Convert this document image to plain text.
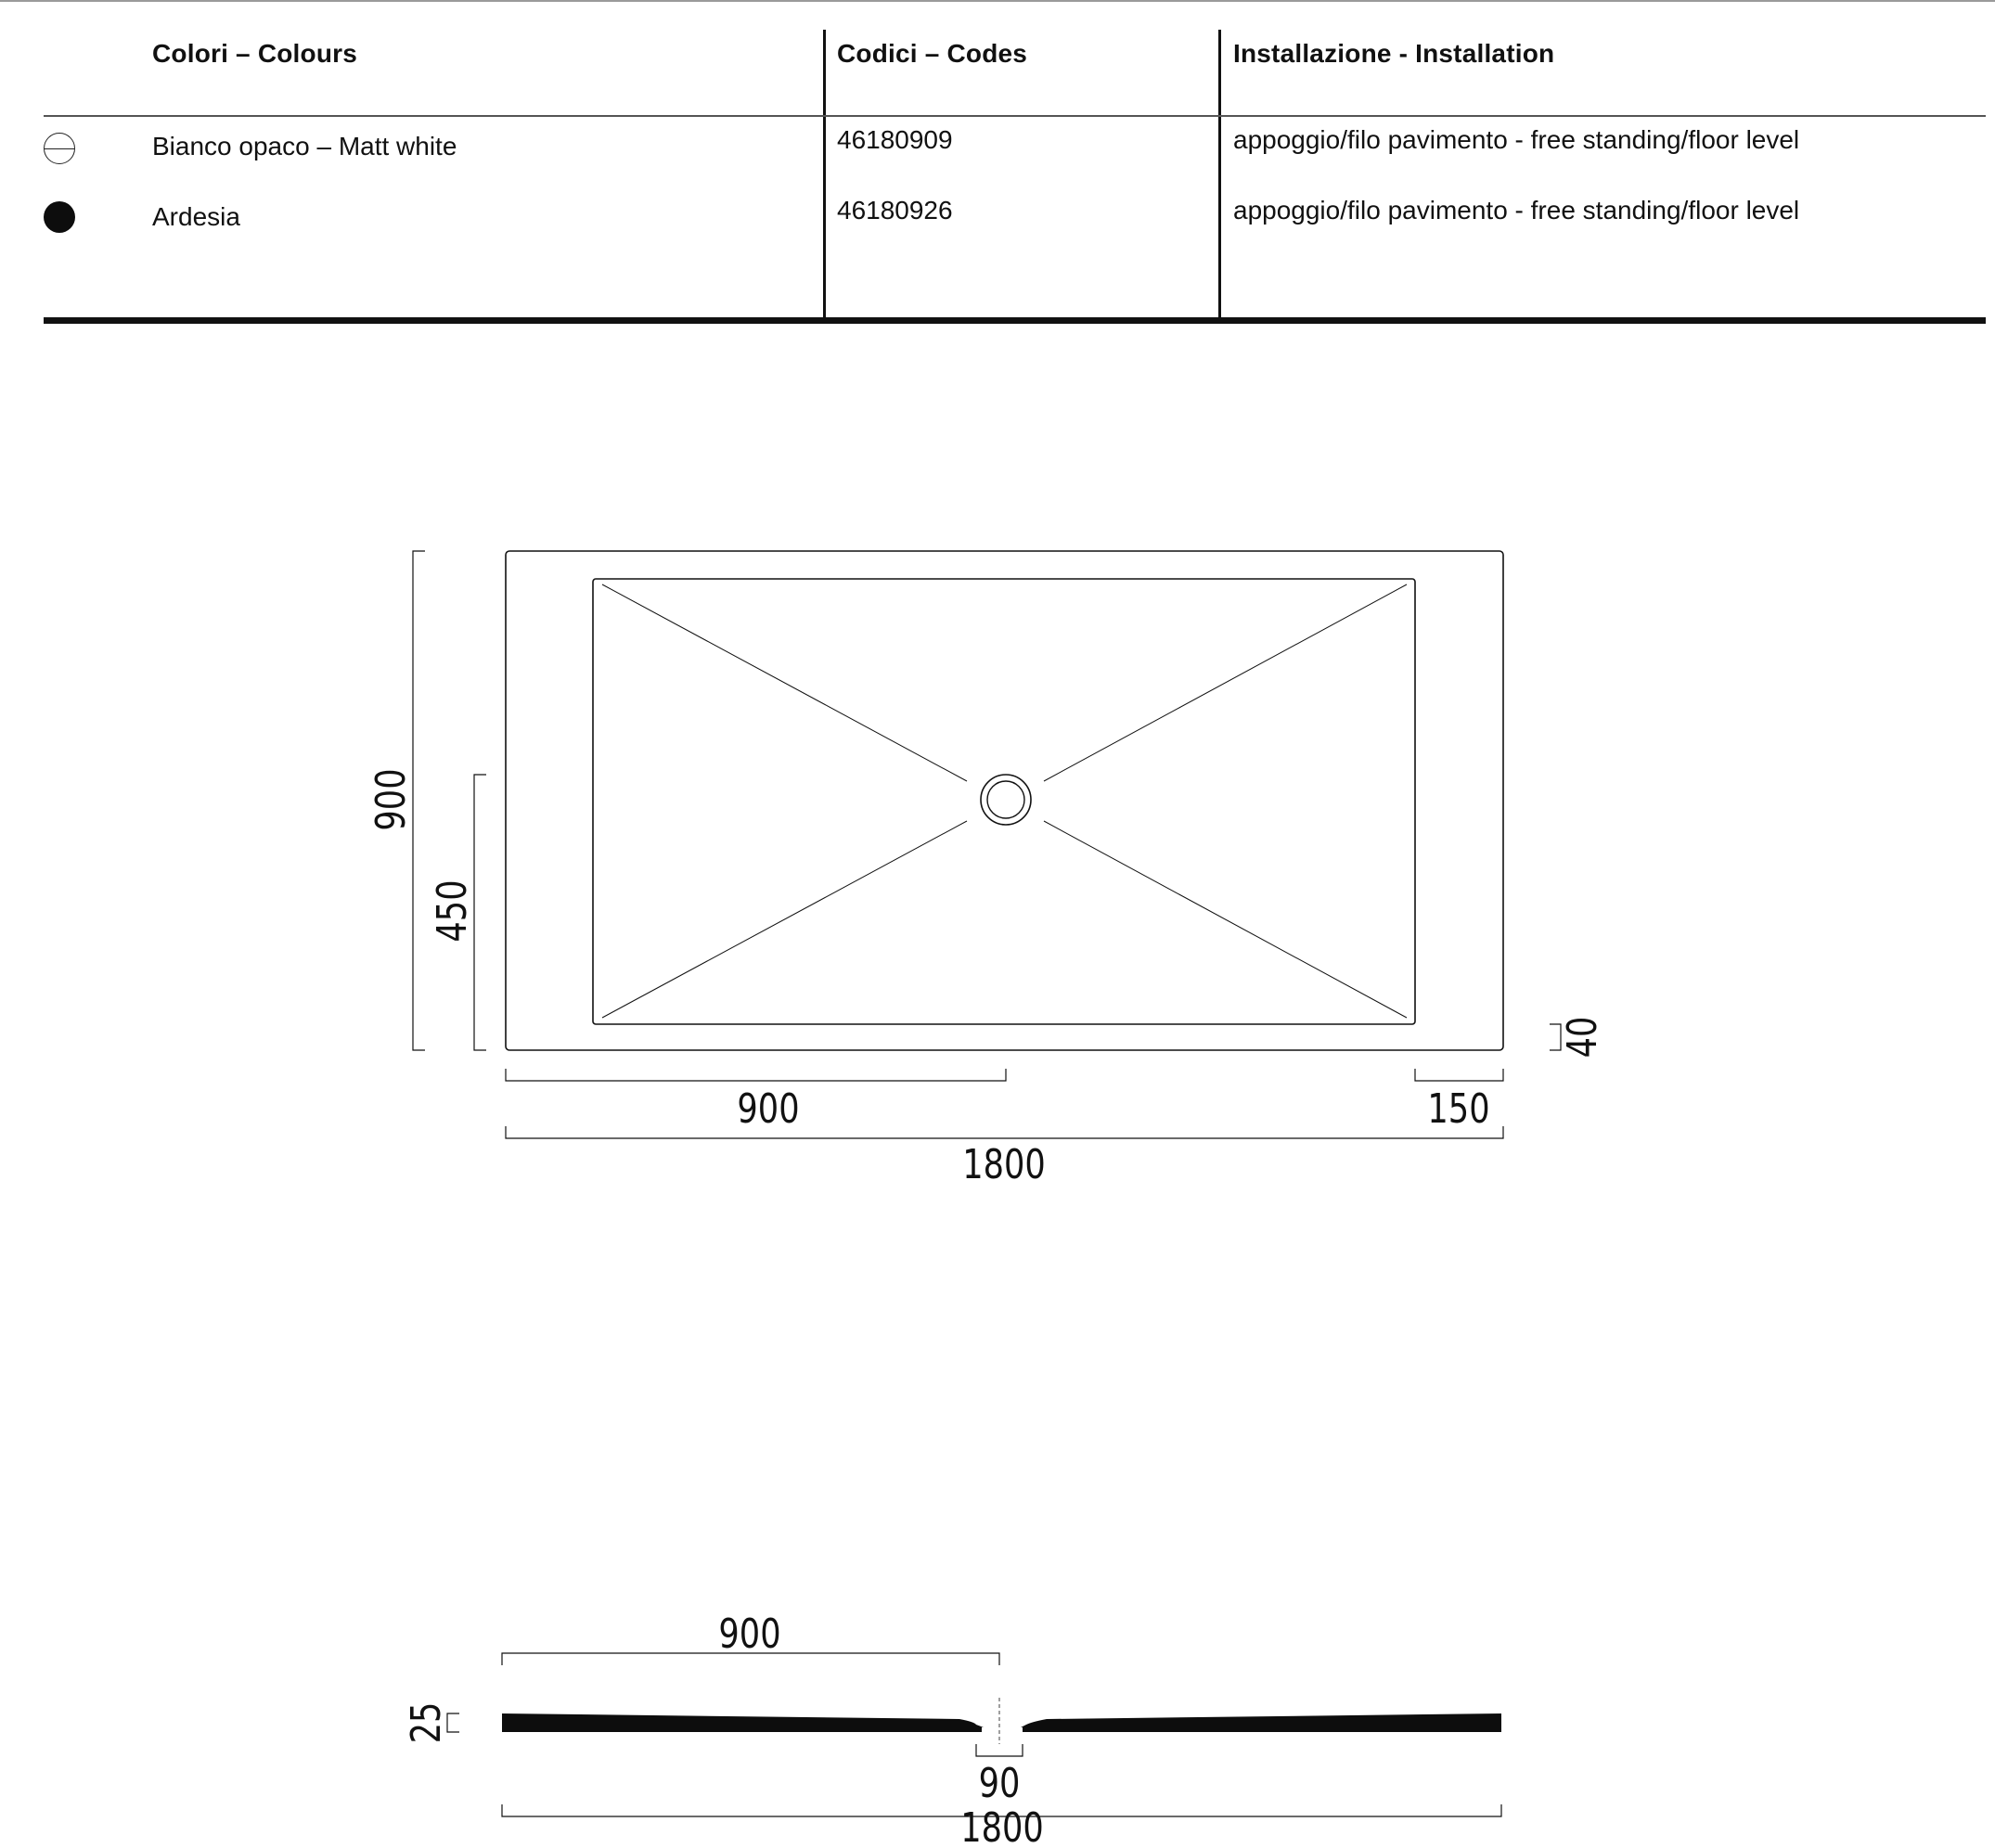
Colori – Colours	Codici – Codes	Installazione - Installation
Bianco opaco – Matt white	46180909	appoggio/filo pavimento - free standing/floor level
Ardesia	46180926	appoggio/filo pavimento - free standing/floor level
900
450
900	150
1800
40
900
25
90
1800
